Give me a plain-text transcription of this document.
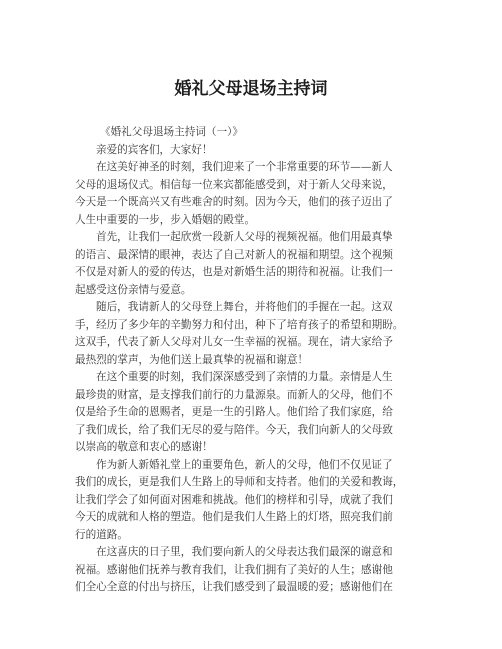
婚礼父母退场主持词
《婚礼父母退场主持词（一）》
亲爱的宾客们，大家好！
在这美好神圣的时刻，我们迎来了一个非常重要的环节——新人
父母的退场仪式。相信每一位来宾都能感受到，对于新人父母来说，
今天是一个既高兴又有些难舍的时刻。因为今天，他们的孩子迈出了
人生中重要的一步，步入婚姻的殿堂。
首先，让我们一起欣赏一段新人父母的视频祝福。他们用最真挚
的语言、最深情的眼神，表达了自己对新人的祝福和期望。这个视频
不仅是对新人的爱的传达，也是对新婚生活的期待和祝福。让我们一
起感受这份亲情与爱意。
随后，我请新人的父母登上舞台，并将他们的手握在一起。这双
手，经历了多少年的辛勤努力和付出，种下了培育孩子的希望和期盼。
这双手，代表了新人父母对儿女一生幸福的祝福。现在，请大家给予
最热烈的掌声，为他们送上最真挚的祝福和谢意！
在这个重要的时刻，我们深深感受到了亲情的力量。亲情是人生
最珍贵的财富，是支撑我们前行的力量源泉。而新人的父母，他们不
仅是给予生命的恩赐者，更是一生的引路人。他们给了我们家庭，给
了我们成长，给了我们无尽的爱与陪伴。今天，我们向新人的父母致
以崇高的敬意和衷心的感谢！
作为新人新婚礼堂上的重要角色，新人的父母，他们不仅见证了
我们的成长，更是我们人生路上的导师和支持者。他们的关爱和教诲，
让我们学会了如何面对困难和挑战。他们的榜样和引导，成就了我们
今天的成就和人格的塑造。他们是我们人生路上的灯塔，照亮我们前
行的道路。
在这喜庆的日子里，我们要向新人的父母表达我们最深的谢意和
祝福。感谢他们抚养与教育我们，让我们拥有了美好的人生；感谢他
们全心全意的付出与挤压，让我们感受到了最温暖的爱；感谢他们在
